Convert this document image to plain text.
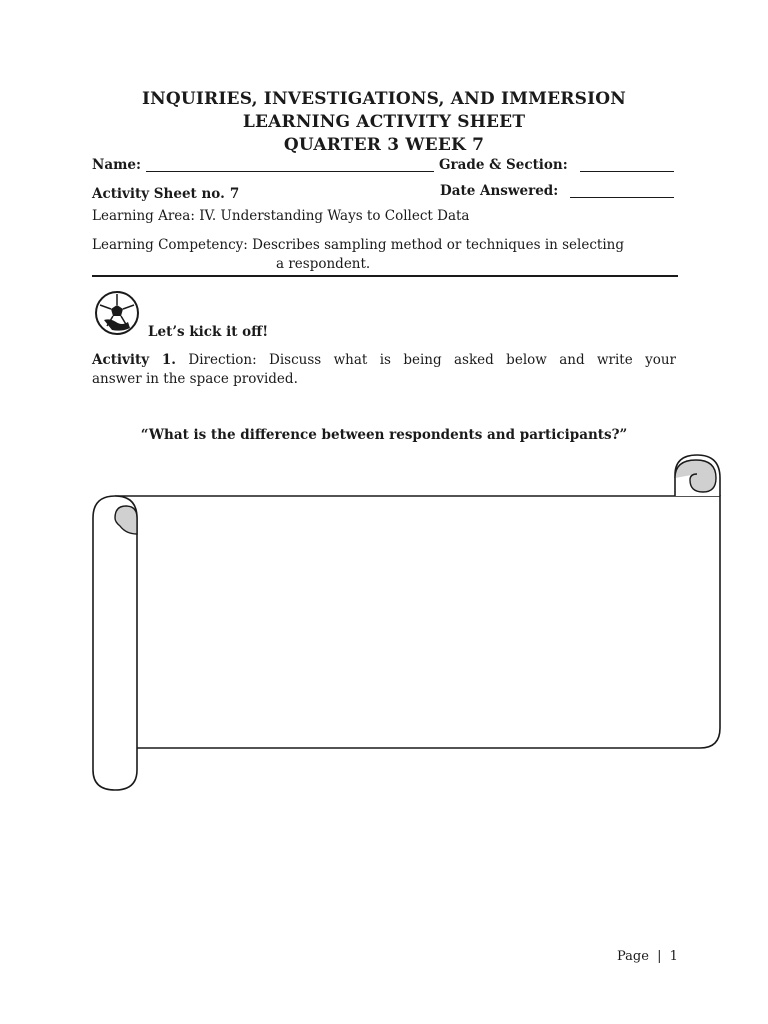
INQUIRIES, INVESTIGATIONS, AND IMMERSION
LEARNING ACTIVITY SHEET
QUARTER 3 WEEK 7
Name:	Grade & Section:
Activity Sheet no. 7	Date Answered:
Learning Area: IV. Understanding Ways to Collect Data
Learning Competency: Describes sampling method or techniques in selecting
a respondent.
Let’s kick it off!
Activity 1. Direction: Discuss what is being asked below and write your
answer in the space provided.
“What is the difference between respondents and participants?”
Page | 1
